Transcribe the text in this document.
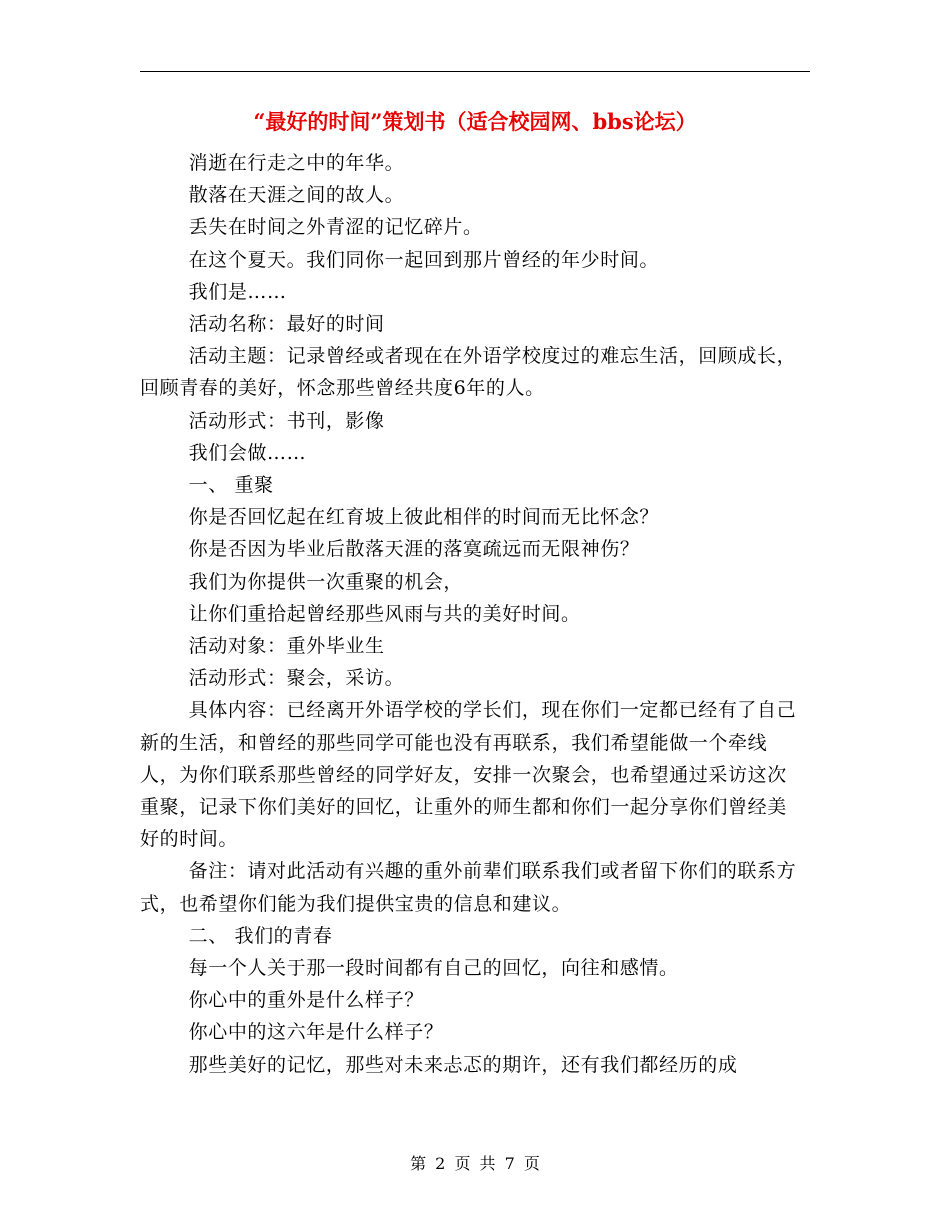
“最好的时间”策划书（适合校园网、bbs论坛）

消逝在行走之中的年华。

散落在天涯之间的故人。

丢失在时间之外青涩的记忆碎片。

在这个夏天。我们同你一起回到那片曾经的年少时间。

我们是……

活动名称：最好的时间

活动主题：记录曾经或者现在在外语学校度过的难忘生活，回顾成长，回顾青春的美好，怀念那些曾经共度6年的人。

活动形式：书刊，影像

我们会做……

一、 重聚

你是否回忆起在红育坡上彼此相伴的时间而无比怀念？

你是否因为毕业后散落天涯的落寞疏远而无限神伤？

我们为你提供一次重聚的机会，

让你们重拾起曾经那些风雨与共的美好时间。

活动对象：重外毕业生

活动形式：聚会，采访。

具体内容：已经离开外语学校的学长们，现在你们一定都已经有了自己新的生活，和曾经的那些同学可能也没有再联系，我们希望能做一个牵线人，为你们联系那些曾经的同学好友，安排一次聚会，也希望通过采访这次重聚，记录下你们美好的回忆，让重外的师生都和你们一起分享你们曾经美好的时间。

备注：请对此活动有兴趣的重外前辈们联系我们或者留下你们的联系方式，也希望你们能为我们提供宝贵的信息和建议。

二、 我们的青春

每一个人关于那一段时间都有自己的回忆，向往和感情。

你心中的重外是什么样子？

你心中的这六年是什么样子？

那些美好的记忆，那些对未来忐忑的期许，还有我们都经历的成

第 2 页 共 7 页
